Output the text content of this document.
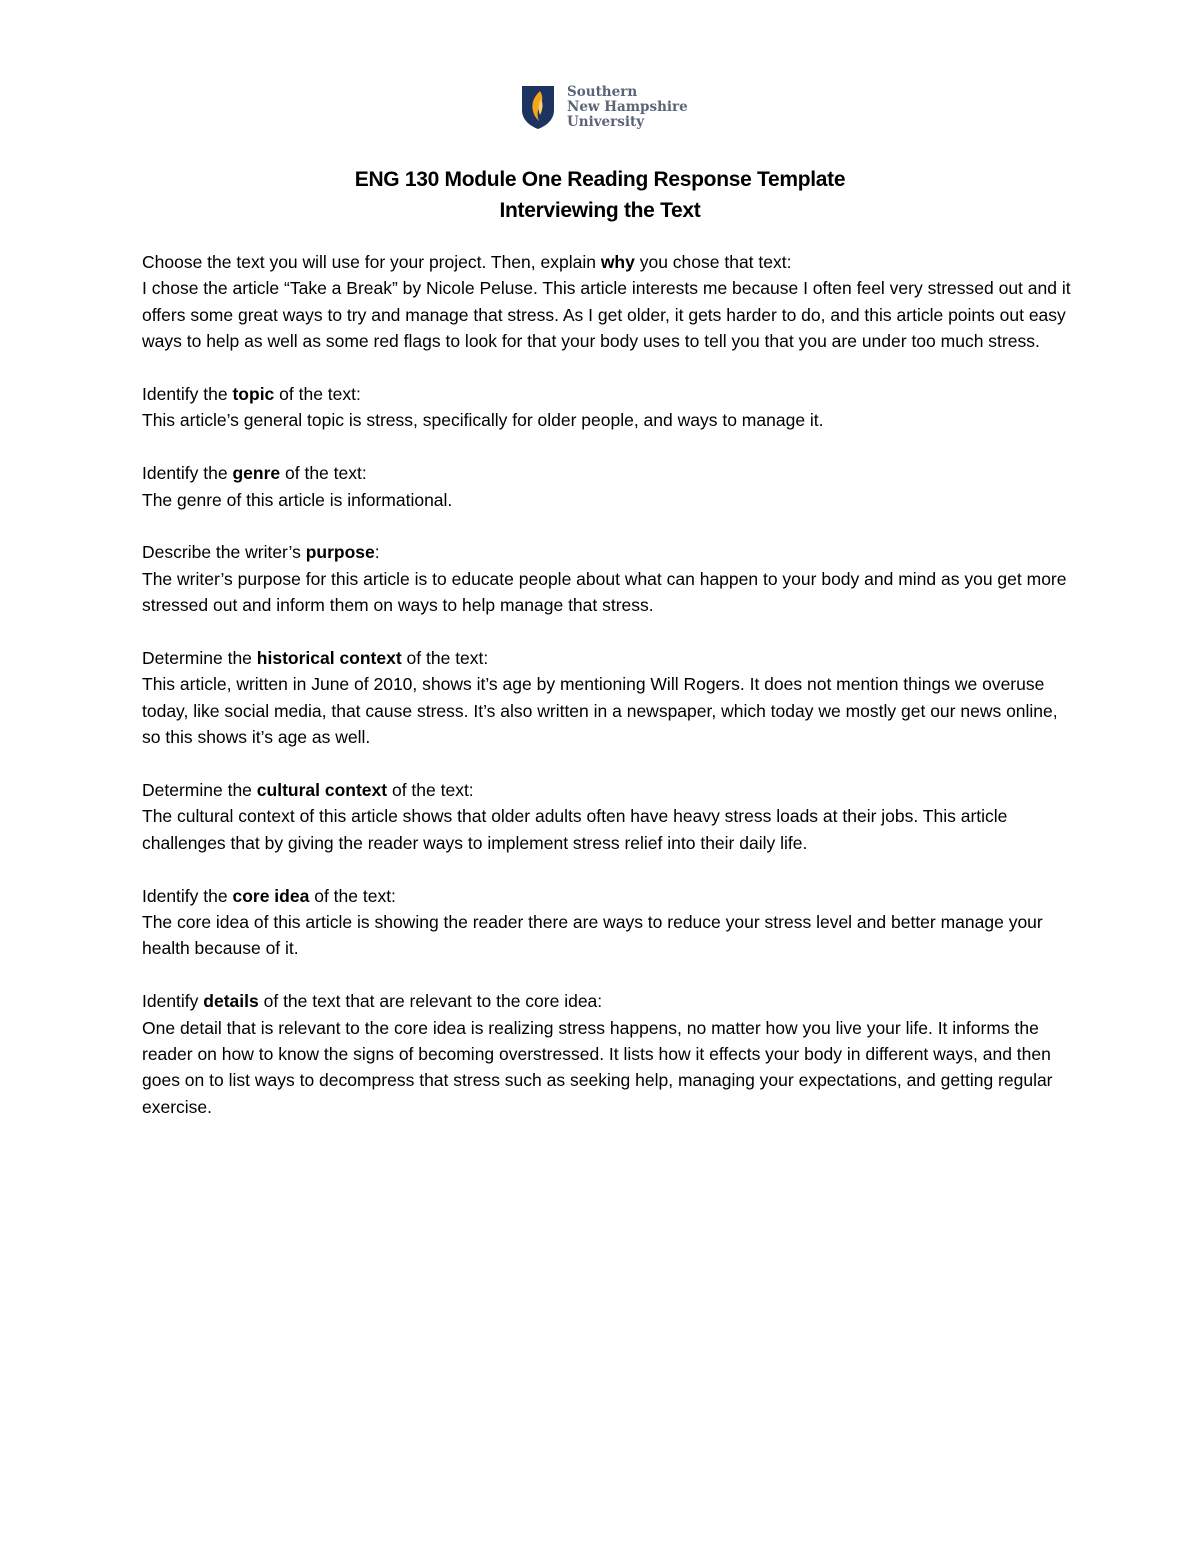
Southern
New Hampshire
University
ENG 130 Module One Reading Response Template
Interviewing the Text
Choose the text you will use for your project. Then, explain why you chose that text:
I chose the article “Take a Break” by Nicole Peluse. This article interests me because I often feel very stressed out and it offers some great ways to try and manage that stress. As I get older, it gets harder to do, and this article points out easy ways to help as well as some red flags to look for that your body uses to tell you that you are under too much stress.
Identify the topic of the text:
This article’s general topic is stress, specifically for older people, and ways to manage it.
Identify the genre of the text:
The genre of this article is informational.
Describe the writer’s purpose:
The writer’s purpose for this article is to educate people about what can happen to your body and mind as you get more stressed out and inform them on ways to help manage that stress.
Determine the historical context of the text:
This article, written in June of 2010, shows it’s age by mentioning Will Rogers. It does not mention things we overuse today, like social media, that cause stress. It’s also written in a newspaper, which today we mostly get our news online, so this shows it’s age as well.
Determine the cultural context of the text:
The cultural context of this article shows that older adults often have heavy stress loads at their jobs. This article challenges that by giving the reader ways to implement stress relief into their daily life.
Identify the core idea of the text:
The core idea of this article is showing the reader there are ways to reduce your stress level and better manage your health because of it.
Identify details of the text that are relevant to the core idea:
One detail that is relevant to the core idea is realizing stress happens, no matter how you live your life. It informs the reader on how to know the signs of becoming overstressed. It lists how it effects your body in different ways, and then goes on to list ways to decompress that stress such as seeking help, managing your expectations, and getting regular exercise.
